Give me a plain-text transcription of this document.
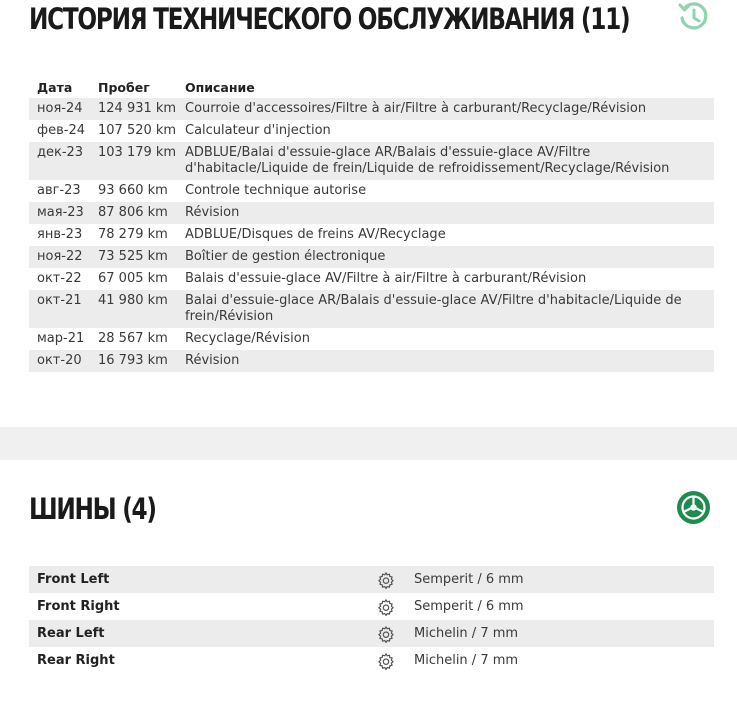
ИСТОРИЯ ТЕХНИЧЕСКОГО ОБСЛУЖИВАНИЯ (11)
Дата	Пробег	Описание
ноя-24	124 931 km	Courroie d'accessoires/Filtre à air/Filtre à carburant/Recyclage/Révision
фев-24	107 520 km	Calculateur d'injection
дек-23	103 179 km	ADBLUE/Balai d'essuie-glace AR/Balais d'essuie-glace AV/Filtre d'habitacle/Liquide de frein/Liquide de refroidissement/Recyclage/Révision
авг-23	93 660 km	Controle technique autorise
мая-23	87 806 km	Révision
янв-23	78 279 km	ADBLUE/Disques de freins AV/Recyclage
ноя-22	73 525 km	Boîtier de gestion électronique
окт-22	67 005 km	Balais d'essuie-glace AV/Filtre à air/Filtre à carburant/Révision
окт-21	41 980 km	Balai d'essuie-glace AR/Balais d'essuie-glace AV/Filtre d'habitacle/Liquide de frein/Révision
мар-21	28 567 km	Recyclage/Révision
окт-20	16 793 km	Révision
ШИНЫ (4)
Front Left		Semperit / 6 mm
Front Right		Semperit / 6 mm
Rear Left		Michelin / 7 mm
Rear Right		Michelin / 7 mm
